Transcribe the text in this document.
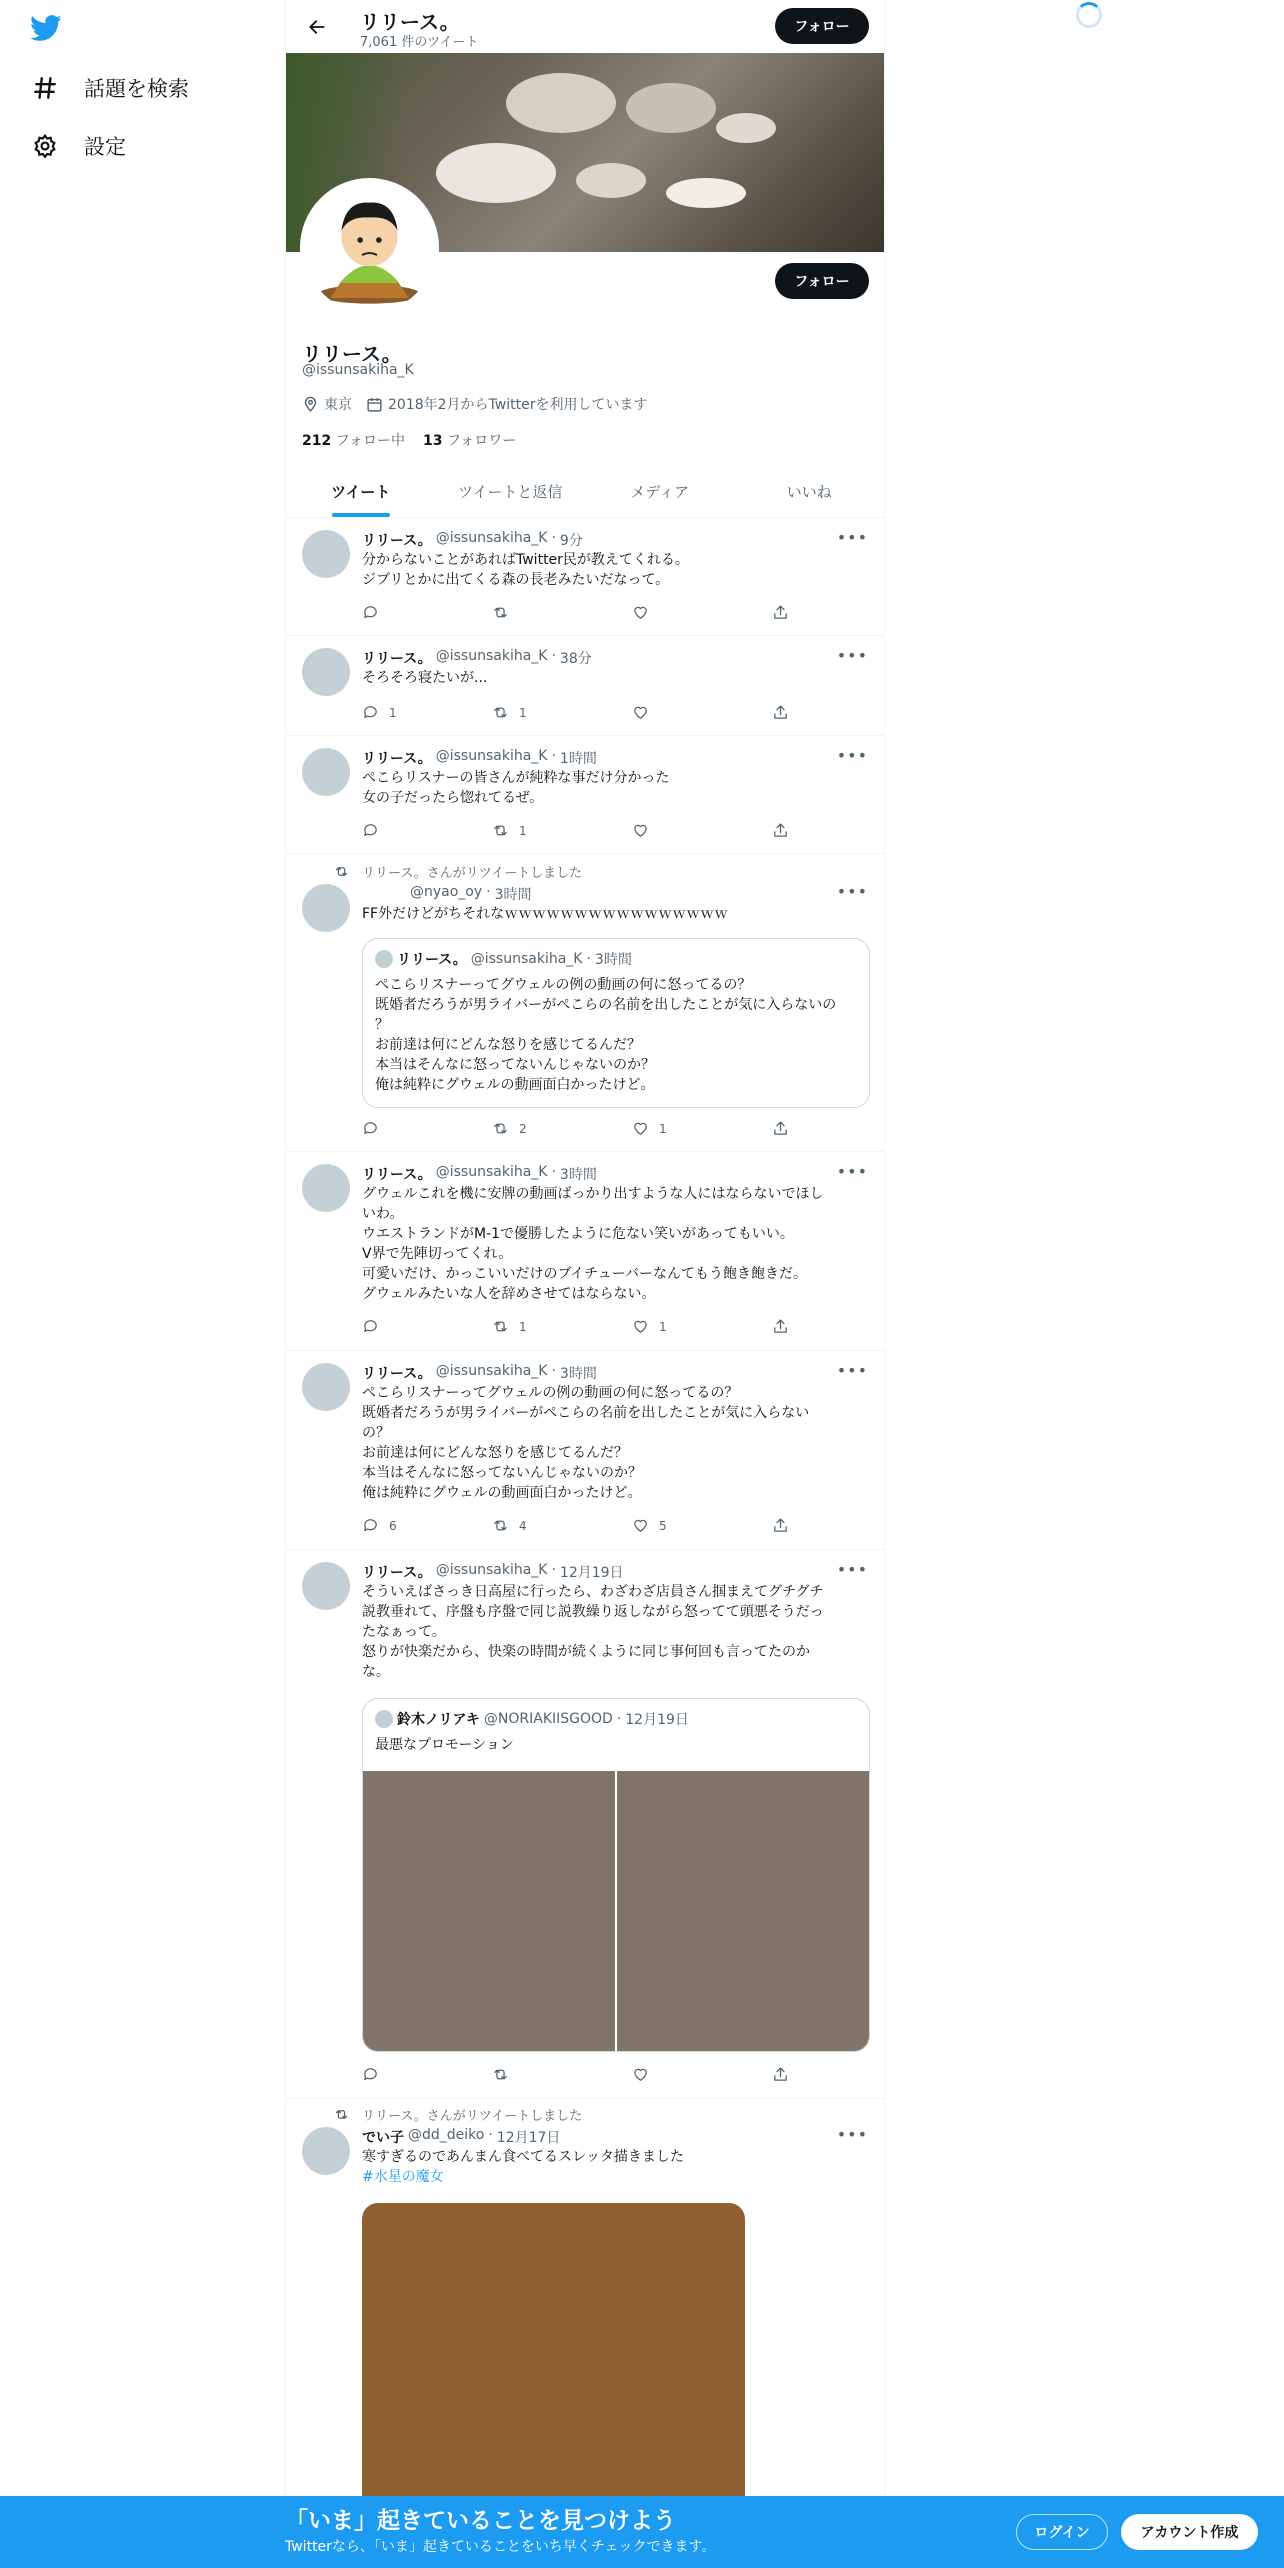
話題を検索
設定
リリース。
7,061 件のツイート
フォロー
フォロー
リリース。
@issunsakiha_K
東京	2018年2月からTwitterを利用しています
212 フォロー中 13 フォロワー
ツイート	ツイートと返信	メディア	いいね
リリース。 @issunsakiha_K · 9分	•••
分からないことがあればTwitter民が教えてくれる。
ジブリとかに出てくる森の長老みたいだなって。
リリース。 @issunsakiha_K · 38分	•••
そろそろ寝たいが...
1	1
リリース。 @issunsakiha_K · 1時間	•••
ぺこらリスナーの皆さんが純粋な事だけ分かった
女の子だったら惚れてるぜ。
1
リリース。さんがリツイートしました
@nyao_oy · 3時間	•••
FF外だけどがちそれなｗｗｗｗｗｗｗｗｗｗｗｗｗｗｗｗ
リリース。 @issunsakiha_K · 3時間
ぺこらリスナーってグウェルの例の動画の何に怒ってるの？
既婚者だろうが男ライバーがぺこらの名前を出したことが気に入らないの
？
お前達は何にどんな怒りを感じてるんだ？
本当はそんなに怒ってないんじゃないのか？
俺は純粋にグウェルの動画面白かったけど。
2	1
リリース。 @issunsakiha_K · 3時間	•••
グウェルこれを機に安牌の動画ばっかり出すような人にはならないでほし
いわ。
ウエストランドがM-1で優勝したように危ない笑いがあってもいい。
V界で先陣切ってくれ。
可愛いだけ、かっこいいだけのブイチューバーなんてもう飽き飽きだ。
グウェルみたいな人を辞めさせてはならない。
1	1
リリース。 @issunsakiha_K · 3時間	•••
ぺこらリスナーってグウェルの例の動画の何に怒ってるの？
既婚者だろうが男ライバーがぺこらの名前を出したことが気に入らない
の？
お前達は何にどんな怒りを感じてるんだ？
本当はそんなに怒ってないんじゃないのか？
俺は純粋にグウェルの動画面白かったけど。
6	4	5
リリース。 @issunsakiha_K · 12月19日	•••
そういえばさっき日高屋に行ったら、わざわざ店員さん掴まえてグチグチ
説教垂れて、序盤も序盤で同じ説教繰り返しながら怒ってて頭悪そうだっ
たなぁって。
怒りが快楽だから、快楽の時間が続くように同じ事何回も言ってたのか
な。
鈴木ノリアキ @NORIAKIISGOOD · 12月19日
最悪なプロモーション
リリース。さんがリツイートしました
でい子 @dd_deiko · 12月17日	•••
寒すぎるのであんまん食べてるスレッタ描きました
#水星の魔女
「いま」起きていることを見つけよう
Twitterなら、「いま」起きていることをいち早くチェックできます。
ログイン	アカウント作成
